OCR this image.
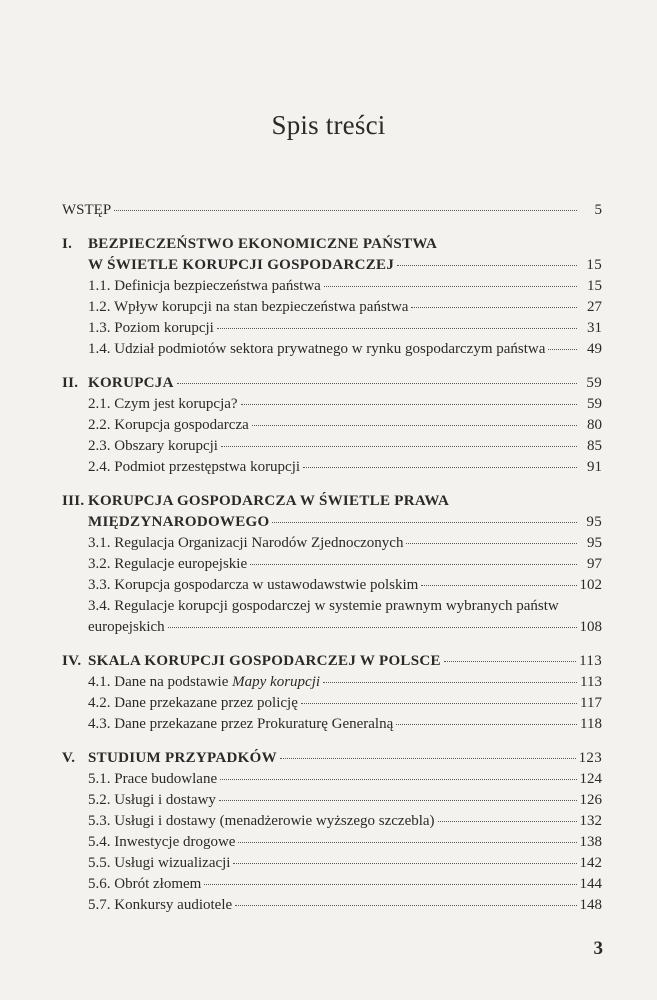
Spis treści
WSTĘP	5
I. BEZPIECZEŃSTWO EKONOMICZNE PAŃSTWA
W ŚWIETLE KORUPCJI GOSPODARCZEJ	15
1.1. Definicja bezpieczeństwa państwa	15
1.2. Wpływ korupcji na stan bezpieczeństwa państwa	27
1.3. Poziom korupcji	31
1.4. Udział podmiotów sektora prywatnego w rynku gospodarczym państwa	49
II. KORUPCJA	59
2.1. Czym jest korupcja?	59
2.2. Korupcja gospodarcza	80
2.3. Obszary korupcji	85
2.4. Podmiot przestępstwa korupcji	91
III. KORUPCJA GOSPODARCZA W ŚWIETLE PRAWA
MIĘDZYNARODOWEGO	95
3.1. Regulacja Organizacji Narodów Zjednoczonych	95
3.2. Regulacje europejskie	97
3.3. Korupcja gospodarcza w ustawodawstwie polskim	102
3.4. Regulacje korupcji gospodarczej w systemie prawnym wybranych państw
europejskich	108
IV. SKALA KORUPCJI GOSPODARCZEJ W POLSCE	113
4.1. Dane na podstawie Mapy korupcji	113
4.2. Dane przekazane przez policję	117
4.3. Dane przekazane przez Prokuraturę Generalną	118
V. STUDIUM PRZYPADKÓW	123
5.1. Prace budowlane	124
5.2. Usługi i dostawy	126
5.3. Usługi i dostawy (menadżerowie wyższego szczebla)	132
5.4. Inwestycje drogowe	138
5.5. Usługi wizualizacji	142
5.6. Obrót złomem	144
5.7. Konkursy audiotele	148
3
